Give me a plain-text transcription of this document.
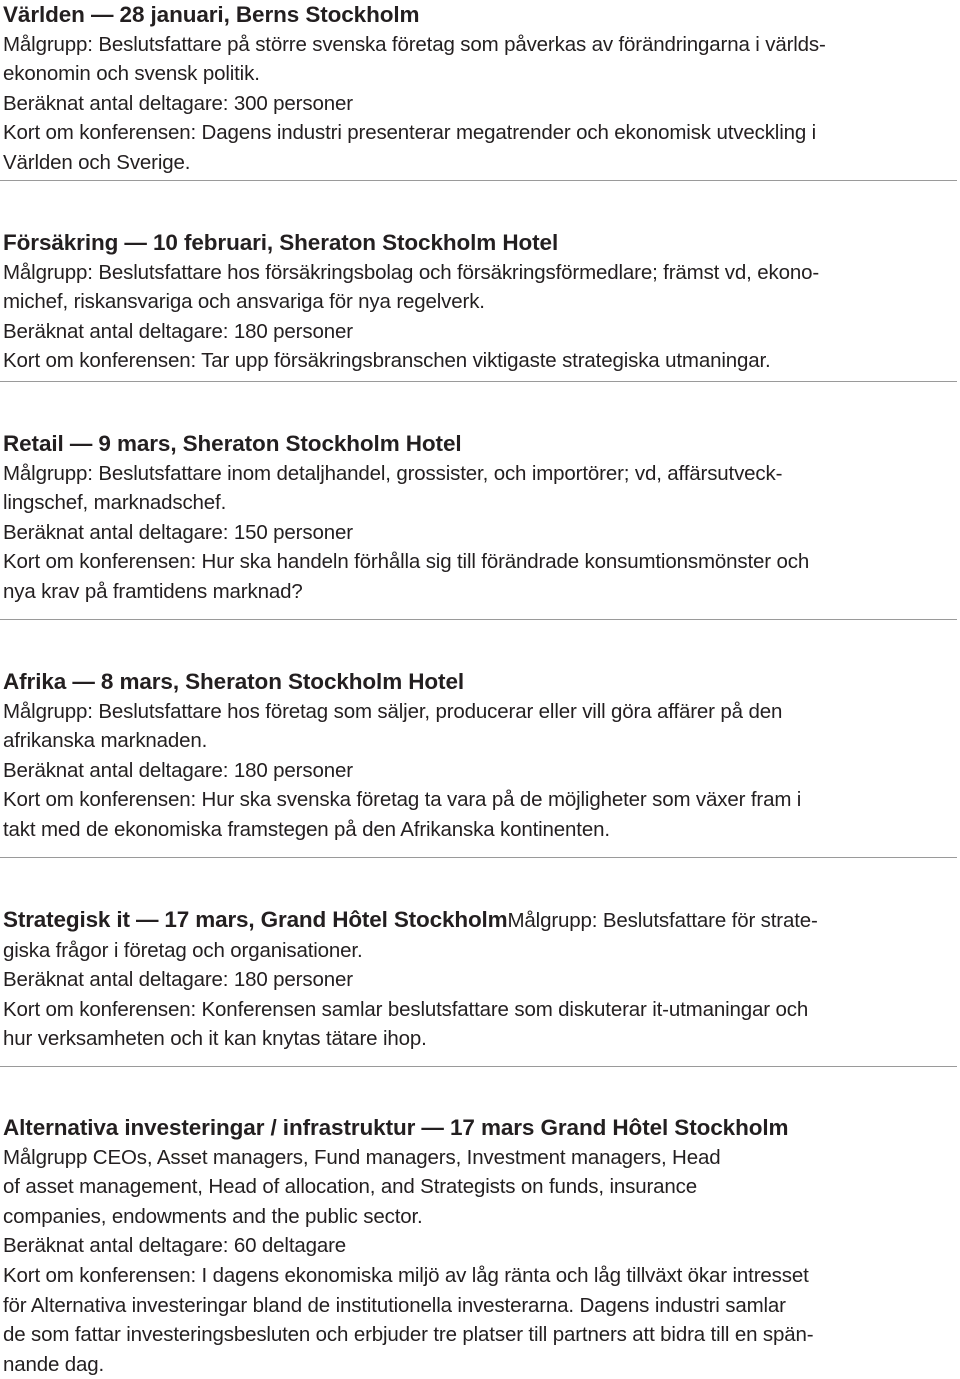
Världen — 28 januari, Berns Stockholm
Målgrupp: Beslutsfattare på större svenska företag som påverkas av förändringarna i världs-
ekonomin och svensk politik.
Beräknat antal deltagare: 300 personer
Kort om konferensen: Dagens industri presenterar megatrender och ekonomisk utveckling i
Världen och Sverige.
Försäkring — 10 februari, Sheraton Stockholm Hotel
Målgrupp: Beslutsfattare hos försäkringsbolag och försäkringsförmedlare; främst vd, ekono-
michef, riskansvariga och ansvariga för nya regelverk.
Beräknat antal deltagare: 180 personer
Kort om konferensen: Tar upp försäkringsbranschen viktigaste strategiska utmaningar.
Retail — 9 mars, Sheraton Stockholm Hotel
Målgrupp: Beslutsfattare inom detaljhandel, grossister, och importörer; vd, affärsutveck-
lingschef, marknadschef.
Beräknat antal deltagare: 150 personer
Kort om konferensen: Hur ska handeln förhålla sig till förändrade konsumtionsmönster och
nya krav på framtidens marknad?
Afrika — 8 mars, Sheraton Stockholm Hotel
Målgrupp: Beslutsfattare hos företag som säljer, producerar eller vill göra affärer på den
afrikanska marknaden.
Beräknat antal deltagare: 180 personer
Kort om konferensen: Hur ska svenska företag ta vara på de möjligheter som växer fram i
takt med de ekonomiska framstegen på den Afrikanska kontinenten.
Strategisk it — 17 mars, Grand Hôtel StockholmMålgrupp: Beslutsfattare för strate-
giska frågor i företag och organisationer.
Beräknat antal deltagare: 180 personer
Kort om konferensen: Konferensen samlar beslutsfattare som diskuterar it-utmaningar och
hur verksamheten och it kan knytas tätare ihop.
Alternativa investeringar / infrastruktur — 17 mars Grand Hôtel Stockholm
Målgrupp CEOs, Asset managers, Fund managers, Investment managers, Head
of asset management, Head of allocation, and Strategists on funds, insurance
companies, endowments and the public sector.
Beräknat antal deltagare: 60 deltagare
Kort om konferensen: I dagens ekonomiska miljö av låg ränta och låg tillväxt ökar intresset
för Alternativa investeringar bland de institutionella investerarna. Dagens industri samlar
de som fattar investeringsbesluten och erbjuder tre platser till partners att bidra till en spän-
nande dag.
